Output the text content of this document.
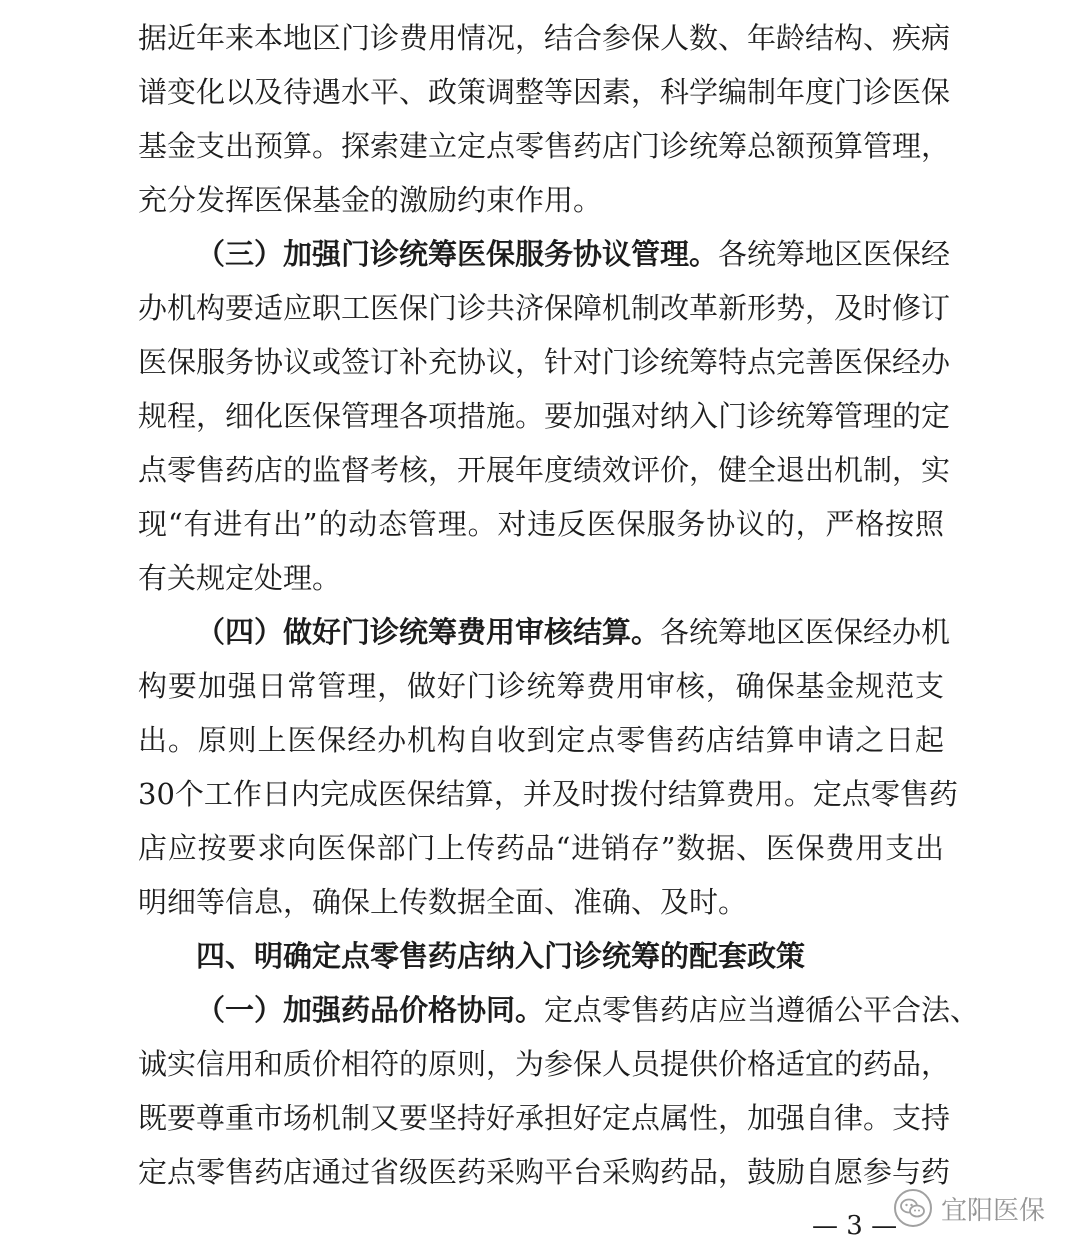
据近年来本地区门诊费用情况，结合参保人数、年龄结构、疾病
谱变化以及待遇水平、政策调整等因素，科学编制年度门诊医保
基金支出预算。探索建立定点零售药店门诊统筹总额预算管理，
充分发挥医保基金的激励约束作用。
（三）加强门诊统筹医保服务协议管理。各统筹地区医保经
办机构要适应职工医保门诊共济保障机制改革新形势，及时修订
医保服务协议或签订补充协议，针对门诊统筹特点完善医保经办
规程，细化医保管理各项措施。要加强对纳入门诊统筹管理的定
点零售药店的监督考核，开展年度绩效评价，健全退出机制，实
现“有进有出”的动态管理。对违反医保服务协议的，严格按照
有关规定处理。
（四）做好门诊统筹费用审核结算。各统筹地区医保经办机
构要加强日常管理，做好门诊统筹费用审核，确保基金规范支
出。原则上医保经办机构自收到定点零售药店结算申请之日起
30个工作日内完成医保结算，并及时拨付结算费用。定点零售药
店应按要求向医保部门上传药品“进销存”数据、医保费用支出
明细等信息，确保上传数据全面、准确、及时。
四、明确定点零售药店纳入门诊统筹的配套政策
（一）加强药品价格协同。定点零售药店应当遵循公平合法、
诚实信用和质价相符的原则，为参保人员提供价格适宜的药品，
既要尊重市场机制又要坚持好承担好定点属性，加强自律。支持
定点零售药店通过省级医药采购平台采购药品，鼓励自愿参与药
— 3 —
宜阳医保
